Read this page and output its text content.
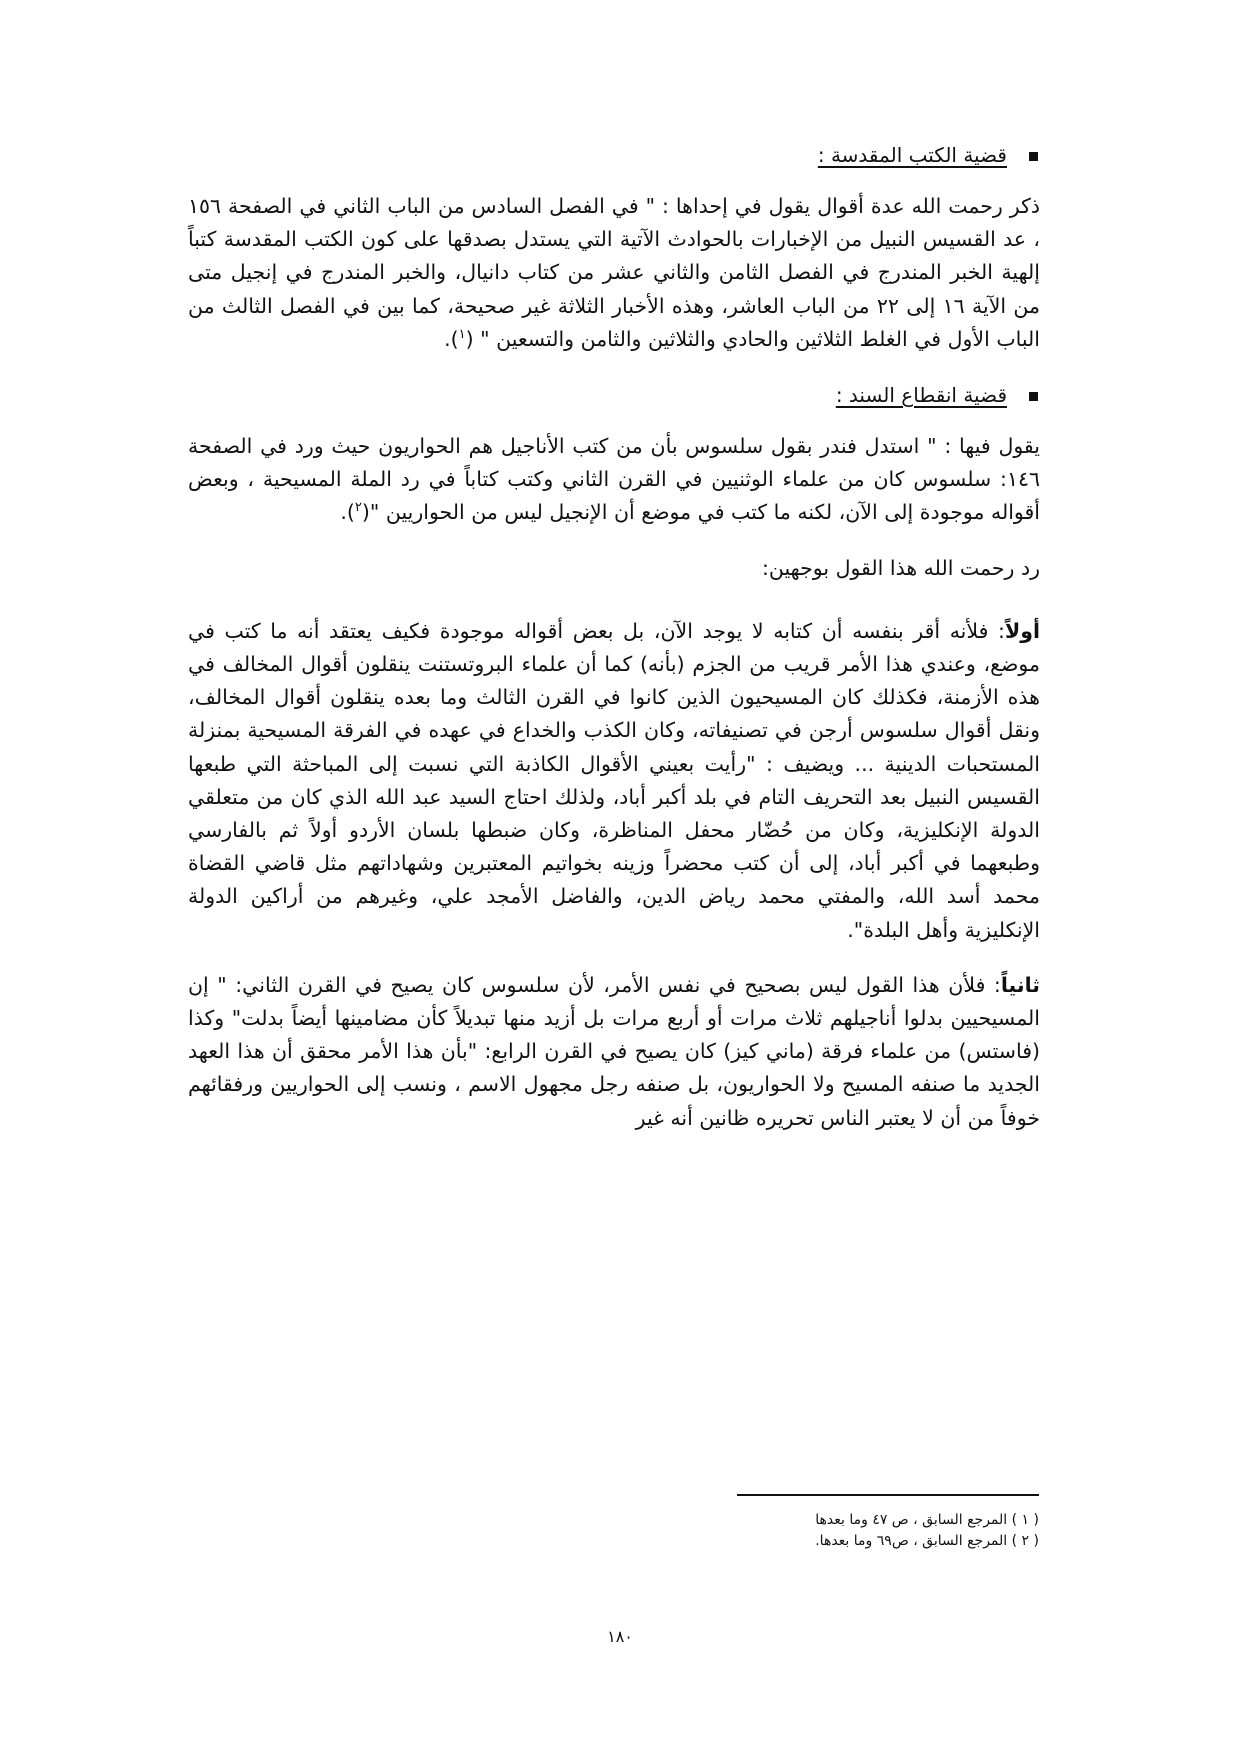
قضية الكتب المقدسة :

ذكر رحمت الله عدة أقوال يقول في إحداها : " في الفصل السادس من الباب الثاني في الصفحة ١٥٦ ، عد القسيس النبيل من الإخبارات بالحوادث الآتية التي يستدل بصدقها على كون الكتب المقدسة كتباً إلهية الخبر المندرج في الفصل الثامن والثاني عشر من كتاب دانيال، والخبر المندرج في إنجيل متى من الآية ١٦ إلى ٢٢ من الباب العاشر، وهذه الأخبار الثلاثة غير صحيحة، كما بين في الفصل الثالث من الباب الأول في الغلط الثلاثين والحادي والثلاثين والثامن والتسعين " ($^١$).

قضية انقطاع السند :

يقول فيها : " استدل فندر بقول سلسوس بأن من كتب الأناجيل هم الحواريون حيث ورد في الصفحة ١٤٦: سلسوس كان من علماء الوثنيين في القرن الثاني وكتب كتاباً في رد الملة المسيحية ، وبعض أقواله موجودة إلى الآن، لكنه ما كتب في موضع أن الإنجيل ليس من الحواريين "($^٢$).

رد رحمت الله هذا القول بوجهين:

أولاً: فلأنه أقر بنفسه أن كتابه لا يوجد الآن، بل بعض أقواله موجودة فكيف يعتقد أنه ما كتب في موضع، وعندي هذا الأمر قريب من الجزم (بأنه) كما أن علماء البروتستنت ينقلون أقوال المخالف في هذه الأزمنة، فكذلك كان المسيحيون الذين كانوا في القرن الثالث وما بعده ينقلون أقوال المخالف، ونقل أقوال سلسوس أرجن في تصنيفاته، وكان الكذب والخداع في عهده في الفرقة المسيحية بمنزلة المستحبات الدينية ... ويضيف : "رأيت بعيني الأقوال الكاذبة التي نسبت إلى المباحثة التي طبعها القسيس النبيل بعد التحريف التام في بلد أكبر أباد، ولذلك احتاج السيد عبد الله الذي كان من متعلقي الدولة الإنكليزية، وكان من حُضّار محفل المناظرة، وكان ضبطها بلسان الأردو أولاً ثم بالفارسي وطبعهما في أكبر أباد، إلى أن كتب محضراً وزينه بخواتيم المعتبرين وشهاداتهم مثل قاضي القضاة محمد أسد الله، والمفتي محمد رياض الدين، والفاضل الأمجد علي، وغيرهم من أراكين الدولة الإنكليزية وأهل البلدة".

ثانياً: فلأن هذا القول ليس بصحيح في نفس الأمر، لأن سلسوس كان يصيح في القرن الثاني: " إن المسيحيين بدلوا أناجيلهم ثلاث مرات أو أربع مرات بل أزيد منها تبديلاً كأن مضامينها أيضاً بدلت" وكذا (فاستس) من علماء فرقة (ماني كيز) كان يصيح في القرن الرابع: "بأن هذا الأمر محقق أن هذا العهد الجديد ما صنفه المسيح ولا الحواريون، بل صنفه رجل مجهول الاسم ، ونسب إلى الحواريين ورفقائهم خوفاً من أن لا يعتبر الناس تحريره ظانين أنه غير

( ١ ) المرجع السابق ، ص ٤٧ وما بعدها
( ٢ ) المرجع السابق ، ص٦٩ وما بعدها.
١٨٠
